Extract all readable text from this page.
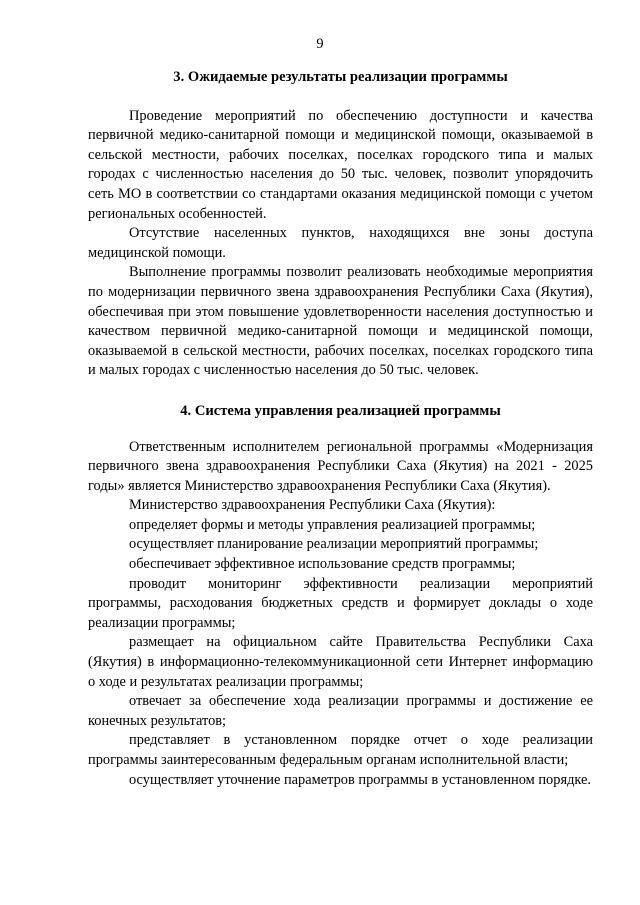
9
3. Ожидаемые результаты реализации программы

Проведение мероприятий по обеспечению доступности и качества первичной медико-санитарной помощи и медицинской помощи, оказываемой в сельской местности, рабочих поселках, поселках городского типа и малых городах с численностью населения до 50 тыс. человек, позволит упорядочить сеть МО в соответствии со стандартами оказания медицинской помощи с учетом региональных особенностей.

Отсутствие населенных пунктов, находящихся вне зоны доступа медицинской помощи.

Выполнение программы позволит реализовать необходимые мероприятия по модернизации первичного звена здравоохранения Республики Саха (Якутия), обеспечивая при этом повышение удовлетворенности населения доступностью и качеством первичной медико-санитарной помощи и медицинской помощи, оказываемой в сельской местности, рабочих поселках, поселках городского типа и малых городах с численностью населения до 50 тыс. человек.

4. Система управления реализацией программы

Ответственным исполнителем региональной программы «Модернизация первичного звена здравоохранения Республики Саха (Якутия) на 2021 - 2025 годы» является Министерство здравоохранения Республики Саха (Якутия).

Министерство здравоохранения Республики Саха (Якутия):

определяет формы и методы управления реализацией программы;

осуществляет планирование реализации мероприятий программы;

обеспечивает эффективное использование средств программы;

проводит мониторинг эффективности реализации мероприятий программы, расходования бюджетных средств и формирует доклады о ходе реализации программы;

размещает на официальном сайте Правительства Республики Саха (Якутия) в информационно-телекоммуникационной сети Интернет информацию о ходе и результатах реализации программы;

отвечает за обеспечение хода реализации программы и достижение ее конечных результатов;

представляет в установленном порядке отчет о ходе реализации программы заинтересованным федеральным органам исполнительной власти;

осуществляет уточнение параметров программы в установленном порядке.
